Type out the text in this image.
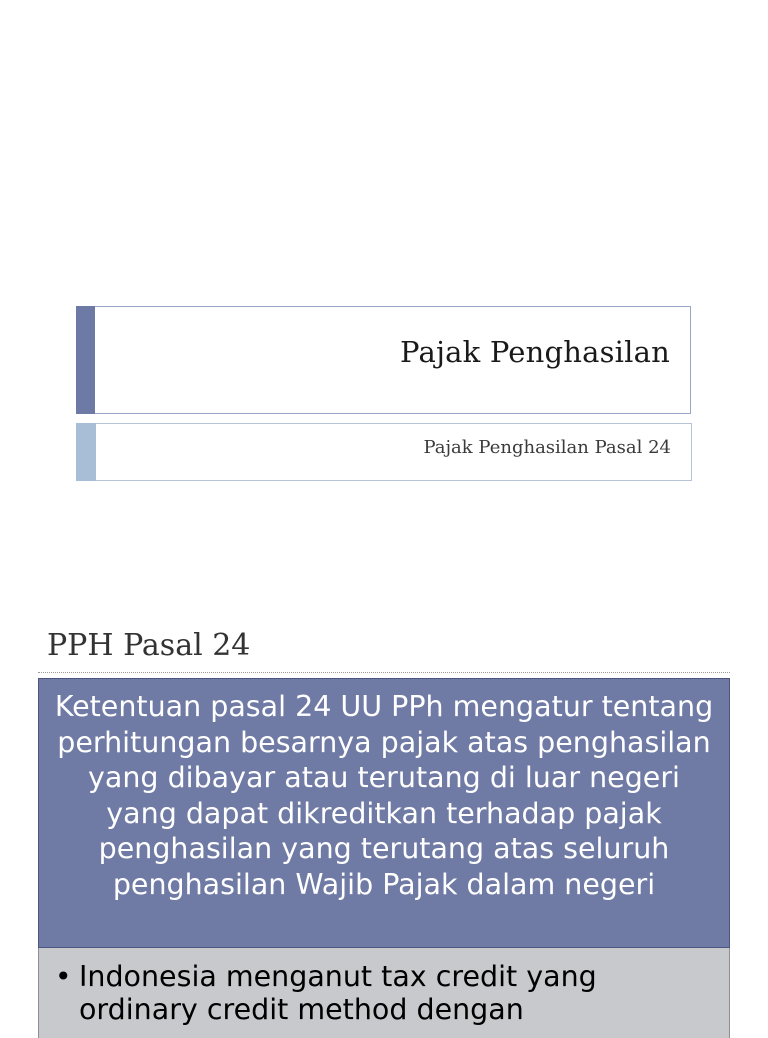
Pajak Penghasilan
Pajak Penghasilan Pasal 24
PPH Pasal 24
Ketentuan pasal 24 UU PPh mengatur tentang perhitungan besarnya pajak atas penghasilan yang dibayar atau terutang di luar negeri yang dapat dikreditkan terhadap pajak penghasilan yang terutang atas seluruh penghasilan Wajib Pajak dalam negeri
• Indonesia menganut tax credit yang ordinary credit method dengan
